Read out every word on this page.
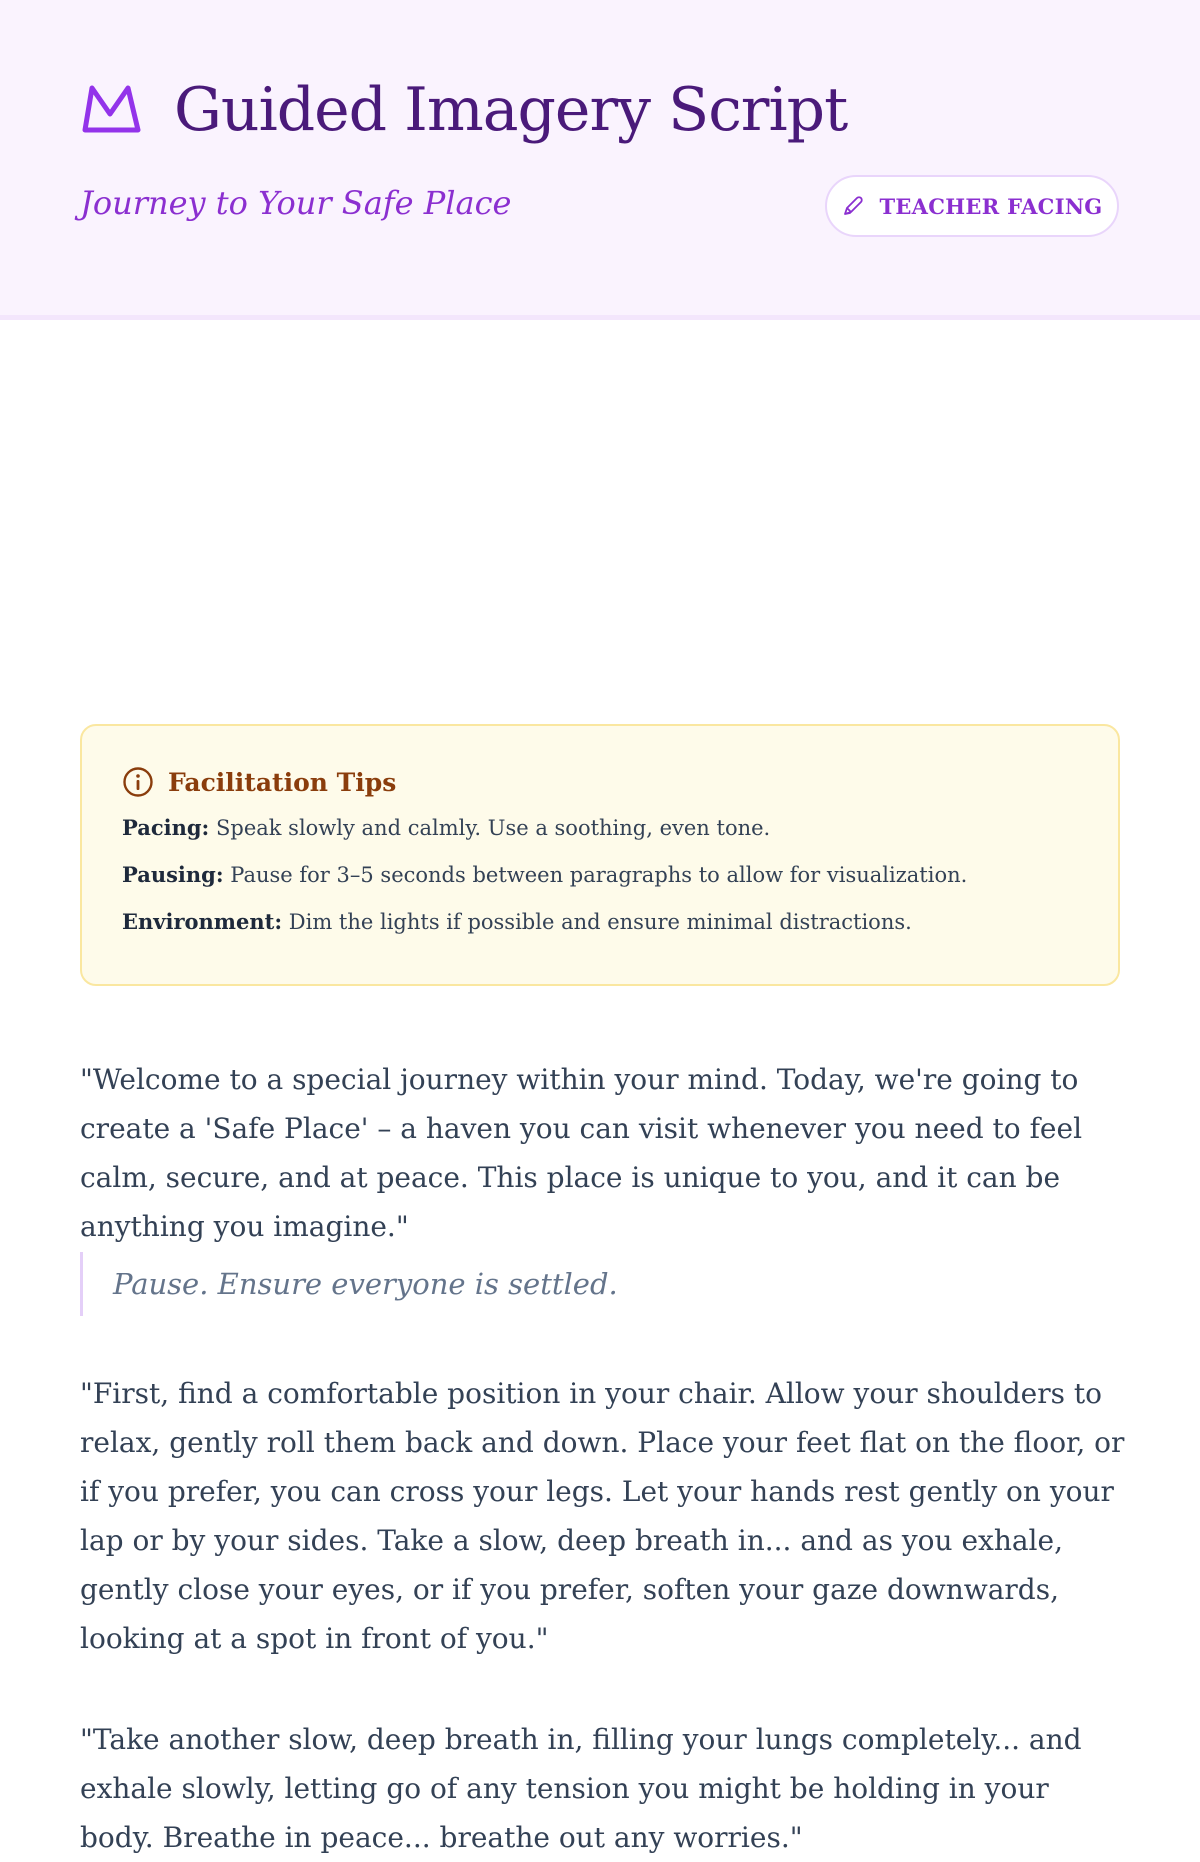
Guided Imagery Script
Journey to Your Safe Place	TEACHER FACING
Facilitation Tips
Pacing: Speak slowly and calmly. Use a soothing, even tone.
Pausing: Pause for 3–5 seconds between paragraphs to allow for visualization.
Environment: Dim the lights if possible and ensure minimal distractions.

"Welcome to a special journey within your mind. Today, we're going to create a 'Safe Place' – a haven you can visit whenever you need to feel calm, secure, and at peace. This place is unique to you, and it can be anything you imagine."

Pause. Ensure everyone is settled.

"First, find a comfortable position in your chair. Allow your shoulders to relax, gently roll them back and down. Place your feet flat on the floor, or if you prefer, you can cross your legs. Let your hands rest gently on your lap or by your sides. Take a slow, deep breath in... and as you exhale, gently close your eyes, or if you prefer, soften your gaze downwards, looking at a spot in front of you."

"Take another slow, deep breath in, filling your lungs completely... and exhale slowly, letting go of any tension you might be holding in your body. Breathe in peace... breathe out any worries."
